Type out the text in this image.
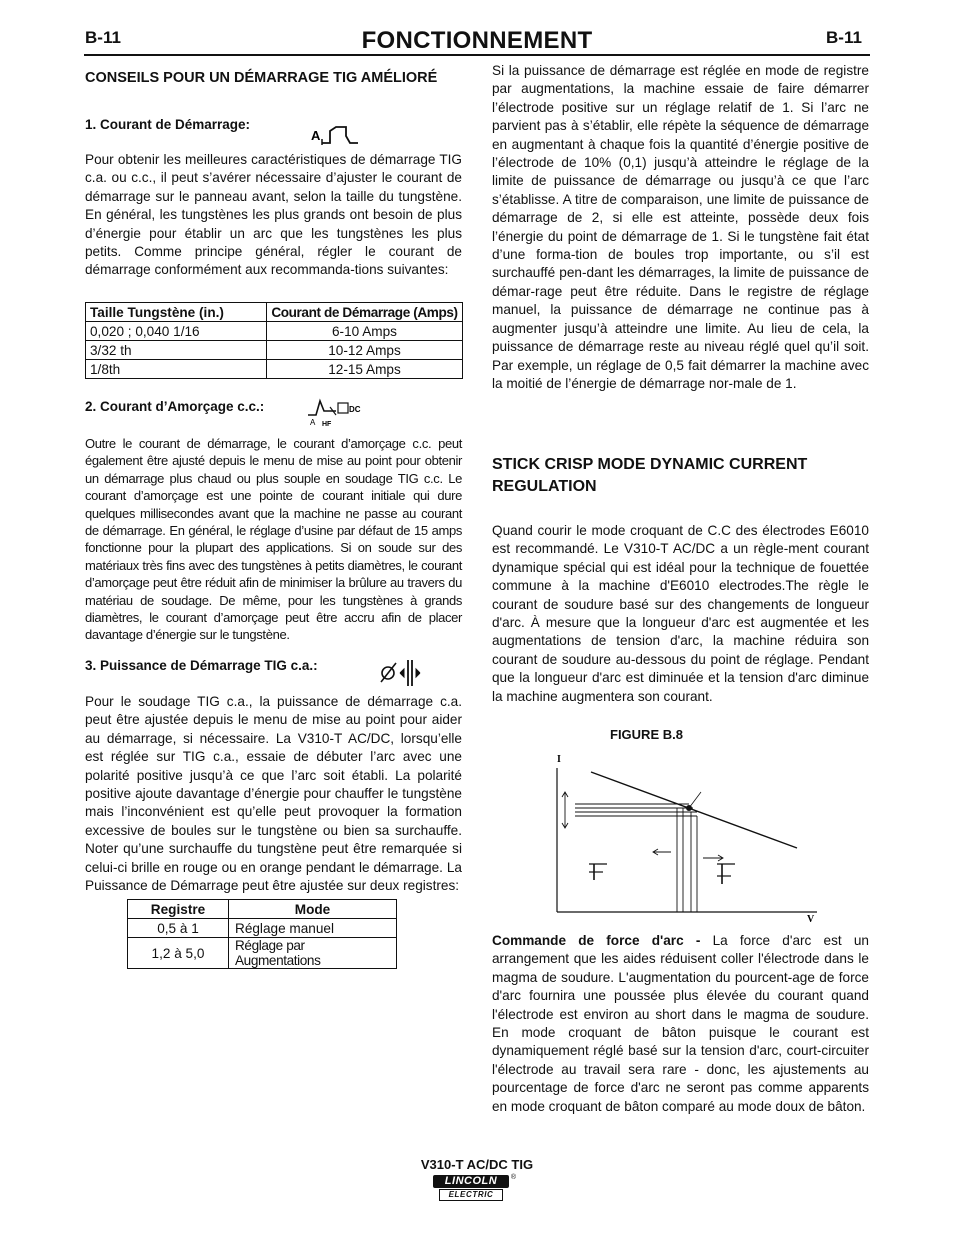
B-11	FONCTIONNEMENT	B-11
CONSEILS POUR UN DÉMARRAGE TIG AMÉLIORÉ
1. Courant de Démarrage:
A

Pour obtenir les meilleures caractéristiques de démarrage TIG c.a. ou c.c., il peut s’avérer nécessaire d’ajuster le courant de démarrage sur le panneau avant, selon la taille du tungstène. En général, les tungstènes les plus grands ont besoin de plus d’énergie pour établir un arc que les tungstènes les plus petits. Comme principe général, régler le courant de démarrage conformément aux recommanda-tions suivantes:

Taille Tungstène (in.)	Courant de Démarrage (Amps)
0,020 ; 0,040 1/16	6-10 Amps
3/32 th	10-12 Amps
1/8th	12-15 Amps
2. Courant d’Amorçage c.c.:
A HF
DC

Outre le courant de démarrage, le courant d’amorçage c.c. peut également être ajusté depuis le menu de mise au point pour obtenir un démarrage plus chaud ou plus souple en soudage TIG c.c. Le courant d’amorçage est une pointe de courant initiale qui dure quelques millisecondes avant que la machine ne passe au courant de démarrage. En général, le réglage d’usine par défaut de 15 amps fonctionne pour la plupart des applications. Si on soude sur des matériaux très fins avec des tungstènes à petits diamètres, le courant d’amorçage peut être réduit afin de minimiser la brûlure au travers du matériau de soudage. De même, pour les tungstènes à grands diamètres, le courant d’amorçage peut être accru afin de placer davantage d’énergie sur le tungstène.

3. Puissance de Démarrage TIG c.a.:

Pour le soudage TIG c.a., la puissance de démarrage c.a. peut être ajustée depuis le menu de mise au point pour aider au démarrage, si nécessaire. La V310-T AC/DC, lorsqu’elle est réglée sur TIG c.a., essaie de débuter l’arc avec une polarité positive jusqu’à ce que l’arc soit établi. La polarité positive ajoute davantage d’énergie pour chauffer le tungstène mais l’inconvénient est qu’elle peut provoquer la formation excessive de boules sur le tungstène ou bien sa surchauffe. Noter qu’une surchauffe du tungstène peut être remarquée si celui-ci brille en rouge ou en orange pendant le démarrage. La Puissance de Démarrage peut être ajustée sur deux registres:

Registre	Mode
0,5 à 1	Réglage manuel
1,2 à 5,0	Réglage par Augmentations

Si la puissance de démarrage est réglée en mode de registre par augmentations, la machine essaie de faire démarrer l’électrode positive sur un réglage relatif de 1. Si l’arc ne parvient pas à s’établir, elle répète la séquence de démarrage en augmentant à chaque fois la quantité d’énergie positive de l’électrode de 10% (0,1) jusqu’à atteindre le réglage de la limite de puissance de démarrage ou jusqu’à ce que l’arc s’établisse. A titre de comparaison, une limite de puissance de démarrage de 2, si elle est atteinte, possède deux fois l’énergie du point de démarrage de 1. Si le tungstène fait état d’une forma-tion de boules trop importante, ou s’il est surchauffé pen-dant les démarrages, la limite de puissance de démar-rage peut être réduite. Dans le registre de réglage manuel, la puissance de démarrage ne continue pas à augmenter jusqu’à atteindre une limite. Au lieu de cela, la puissance de démarrage reste au niveau réglé quel qu’il soit. Par exemple, un réglage de 0,5 fait démarrer la machine avec la moitié de l’énergie de démarrage nor-male de 1.

STICK CRISP MODE DYNAMIC CURRENT REGULATION

Quand courir le mode croquant de C.C des électrodes E6010 est recommandé. Le V310-T AC/DC a un règle-ment courant dynamique spécial qui est idéal pour la technique de fouettée commune à la machine d'E6010 electrodes.The règle le courant de soudure basé sur des changements de longueur d'arc. À mesure que la longueur d'arc est augmentée et les augmentations de tension d'arc, la machine réduira son courant de soudure au-dessous du point de réglage. Pendant que la longueur d'arc est diminuée et la tension d'arc diminue la machine augmentera son courant.

FIGURE B.8
I
V

Commande de force d'arc - La force d'arc est un arrangement que les aides réduisent coller l'électrode dans le magma de soudure. L'augmentation du pourcent-age de force d'arc fournira une poussée plus élevée du courant quand l'électrode est environ au short dans le magma de soudure. En mode croquant de bâton puisque le courant est dynamiquement réglé basé sur la tension d'arc, court-circuiter l'électrode au travail sera rare - donc, les ajustements au pourcentage de force d'arc ne seront pas comme apparents en mode croquant de bâton comparé au mode doux de bâton.

V310-T AC/DC TIG
LINCOLN
ELECTRIC
®
